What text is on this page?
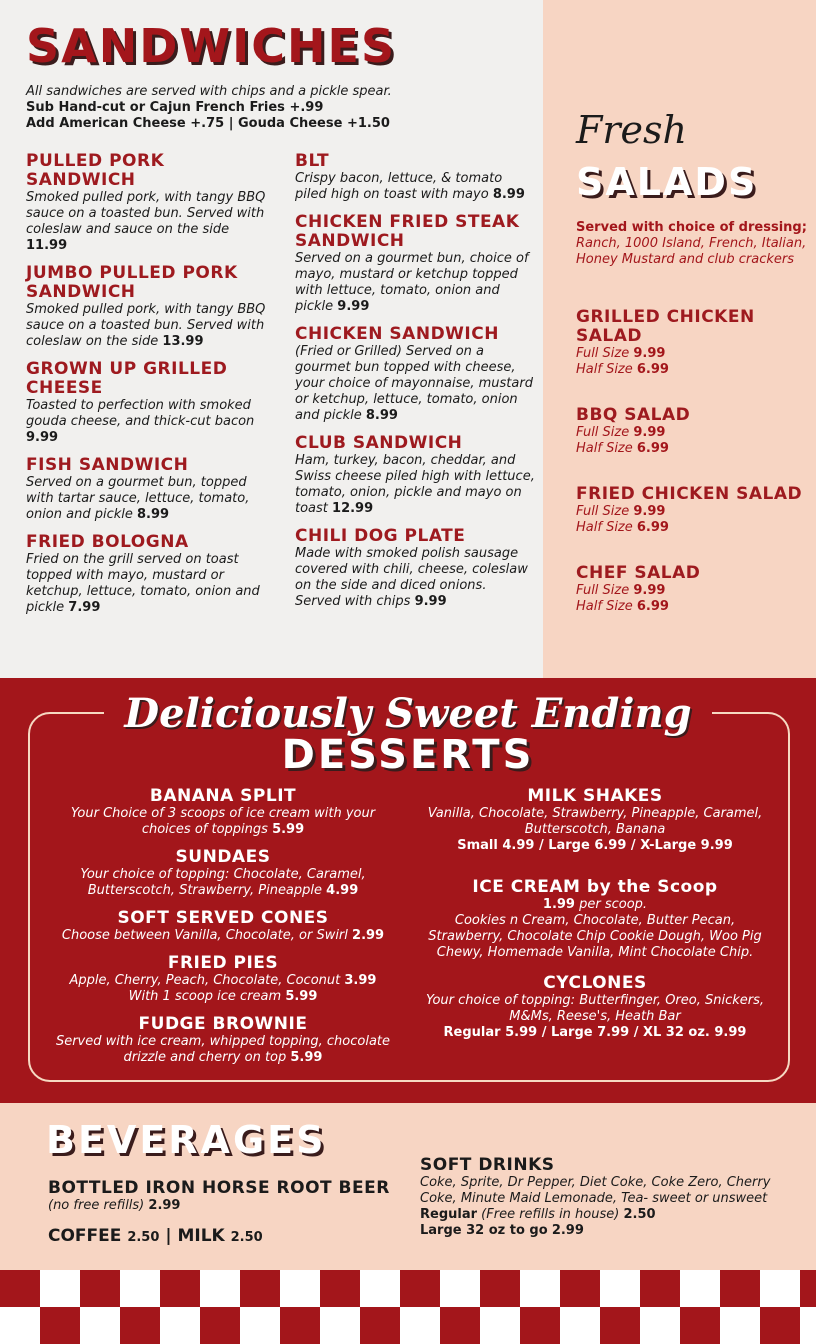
SANDWICHES
All sandwiches are served with chips and a pickle spear.
Sub Hand-cut or Cajun French Fries +.99
Add American Cheese +.75 | Gouda Cheese +1.50
PULLED PORK SANDWICH
Smoked pulled pork, with tangy BBQ sauce on a toasted bun. Served with coleslaw and sauce on the side 11.99
JUMBO PULLED PORK SANDWICH
Smoked pulled pork, with tangy BBQ sauce on a toasted bun. Served with coleslaw on the side 13.99
GROWN UP GRILLED CHEESE
Toasted to perfection with smoked gouda cheese, and thick-cut bacon 9.99
FISH SANDWICH
Served on a gourmet bun, topped with tartar sauce, lettuce, tomato, onion and pickle 8.99
FRIED BOLOGNA
Fried on the grill served on toast topped with mayo, mustard or ketchup, lettuce, tomato, onion and pickle 7.99
BLT
Crispy bacon, lettuce, & tomato piled high on toast with mayo 8.99
CHICKEN FRIED STEAK SANDWICH
Served on a gourmet bun, choice of mayo, mustard or ketchup topped with lettuce, tomato, onion and pickle 9.99
CHICKEN SANDWICH
(Fried or Grilled) Served on a gourmet bun topped with cheese, your choice of mayonnaise, mustard or ketchup, lettuce, tomato, onion and pickle 8.99
CLUB SANDWICH
Ham, turkey, bacon, cheddar, and Swiss cheese piled high with lettuce, tomato, onion, pickle and mayo on toast 12.99
CHILI DOG PLATE
Made with smoked polish sausage covered with chili, cheese, coleslaw on the side and diced onions. Served with chips 9.99
Fresh
SALADS
Served with choice of dressing;
Ranch, 1000 Island, French, Italian, Honey Mustard and club crackers
GRILLED CHICKEN SALAD
Full Size 9.99
Half Size 6.99
BBQ SALAD
Full Size 9.99
Half Size 6.99
FRIED CHICKEN SALAD
Full Size 9.99
Half Size 6.99
CHEF SALAD
Full Size 9.99
Half Size 6.99
Deliciously Sweet Ending
DESSERTS
BANANA SPLIT
Your Choice of 3 scoops of ice cream with your choices of toppings 5.99
SUNDAES
Your choice of topping: Chocolate, Caramel, Butterscotch, Strawberry, Pineapple 4.99
SOFT SERVED CONES
Choose between Vanilla, Chocolate, or Swirl 2.99
FRIED PIES
Apple, Cherry, Peach, Chocolate, Coconut 3.99
With 1 scoop ice cream 5.99
FUDGE BROWNIE
Served with ice cream, whipped topping, chocolate drizzle and cherry on top 5.99
MILK SHAKES
Vanilla, Chocolate, Strawberry, Pineapple, Caramel, Butterscotch, Banana
Small 4.99 / Large 6.99 / X-Large 9.99
ICE CREAM by the Scoop
1.99 per scoop.
Cookies n Cream, Chocolate, Butter Pecan, Strawberry, Chocolate Chip Cookie Dough, Woo Pig Chewy, Homemade Vanilla, Mint Chocolate Chip.
CYCLONES
Your choice of topping: Butterfinger, Oreo, Snickers, M&Ms, Reese's, Heath Bar
Regular 5.99 / Large 7.99 / XL 32 oz. 9.99
BEVERAGES
BOTTLED IRON HORSE ROOT BEER
(no free refills) 2.99
COFFEE 2.50 | MILK 2.50
SOFT DRINKS
Coke, Sprite, Dr Pepper, Diet Coke, Coke Zero, Cherry Coke, Minute Maid Lemonade, Tea- sweet or unsweet
Regular (Free refills in house) 2.50
Large 32 oz to go 2.99
